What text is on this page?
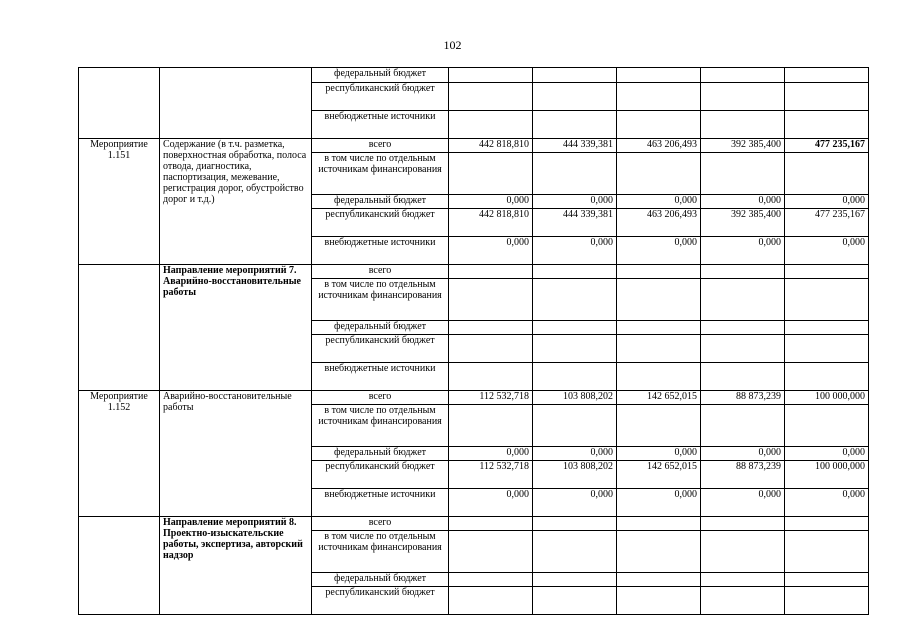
102
		федеральный бюджет					
		республиканский бюджет					
		внебюджетные источники					
Мероприятие 1.151	Содержание (в т.ч. разметка, поверхностная обработка, полоса отвода, диагностика, паспортизация, межевание, регистрация дорог, обустройство дорог и т.д.)	всего	442 818,810	444 339,381	463 206,493	392 385,400	477 235,167
		в том числе по отдельным источникам финансирования					
		федеральный бюджет	0,000	0,000	0,000	0,000	0,000
		республиканский бюджет	442 818,810	444 339,381	463 206,493	392 385,400	477 235,167
		внебюджетные источники	0,000	0,000	0,000	0,000	0,000
	Направление мероприятий 7. Аварийно-восстановительные работы	всего					
		в том числе по отдельным источникам финансирования					
		федеральный бюджет					
		республиканский бюджет					
		внебюджетные источники					
Мероприятие 1.152	Аварийно-восстановительные работы	всего	112 532,718	103 808,202	142 652,015	88 873,239	100 000,000
		в том числе по отдельным источникам финансирования					
		федеральный бюджет	0,000	0,000	0,000	0,000	0,000
		республиканский бюджет	112 532,718	103 808,202	142 652,015	88 873,239	100 000,000
		внебюджетные источники	0,000	0,000	0,000	0,000	0,000
	Направление мероприятий 8. Проектно-изыскательские работы, экспертиза, авторский надзор	всего					
		в том числе по отдельным источникам финансирования					
		федеральный бюджет					
		республиканский бюджет					
